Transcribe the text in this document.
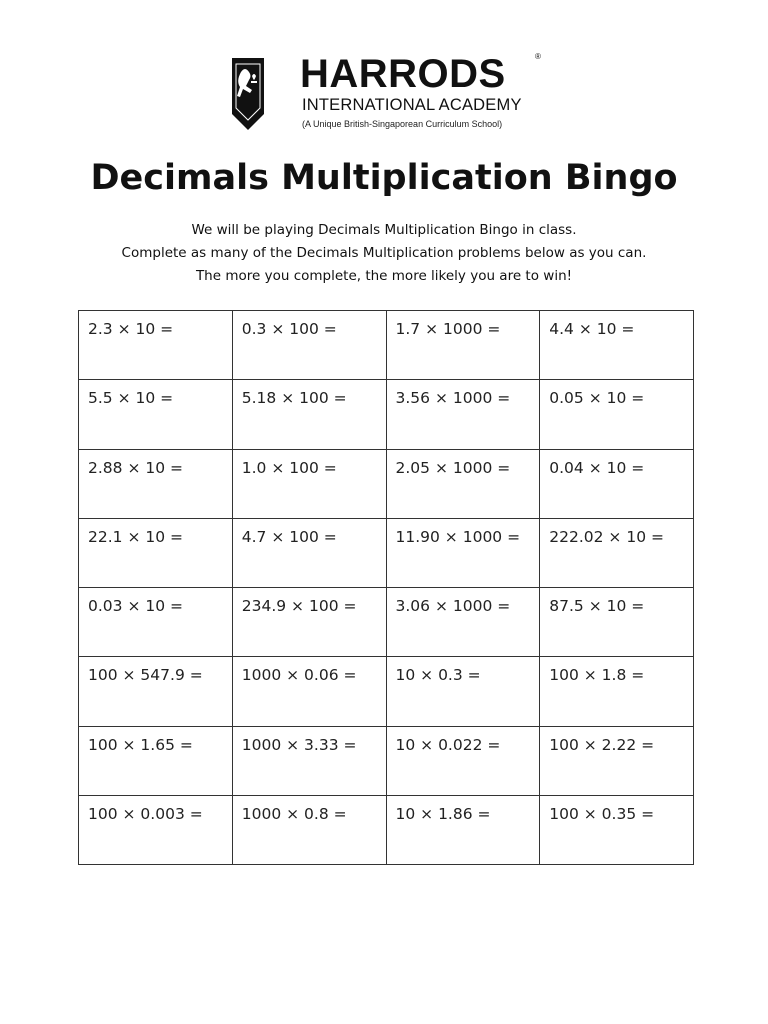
HARRODS	®
INTERNATIONAL ACADEMY
(A Unique British-Singaporean Curriculum School)
Decimals Multiplication Bingo
We will be playing Decimals Multiplication Bingo in class.
Complete as many of the Decimals Multiplication problems below as you can.
The more you complete, the more likely you are to win!
2.3 × 10 =	0.3 × 100 =	1.7 × 1000 =	4.4 × 10 =
5.5 × 10 =	5.18 × 100 =	3.56 × 1000 =	0.05 × 10 =
2.88 × 10 =	1.0 × 100 =	2.05 × 1000 =	0.04 × 10 =
22.1 × 10 =	4.7 × 100 =	11.90 × 1000 =	222.02 × 10 =
0.03 × 10 =	234.9 × 100 =	3.06 × 1000 =	87.5 × 10 =
100 × 547.9 =	1000 × 0.06 =	10 × 0.3 =	100 × 1.8 =
100 × 1.65 =	1000 × 3.33 =	10 × 0.022 =	100 × 2.22 =
100 × 0.003 =	1000 × 0.8 =	10 × 1.86 =	100 × 0.35 =
